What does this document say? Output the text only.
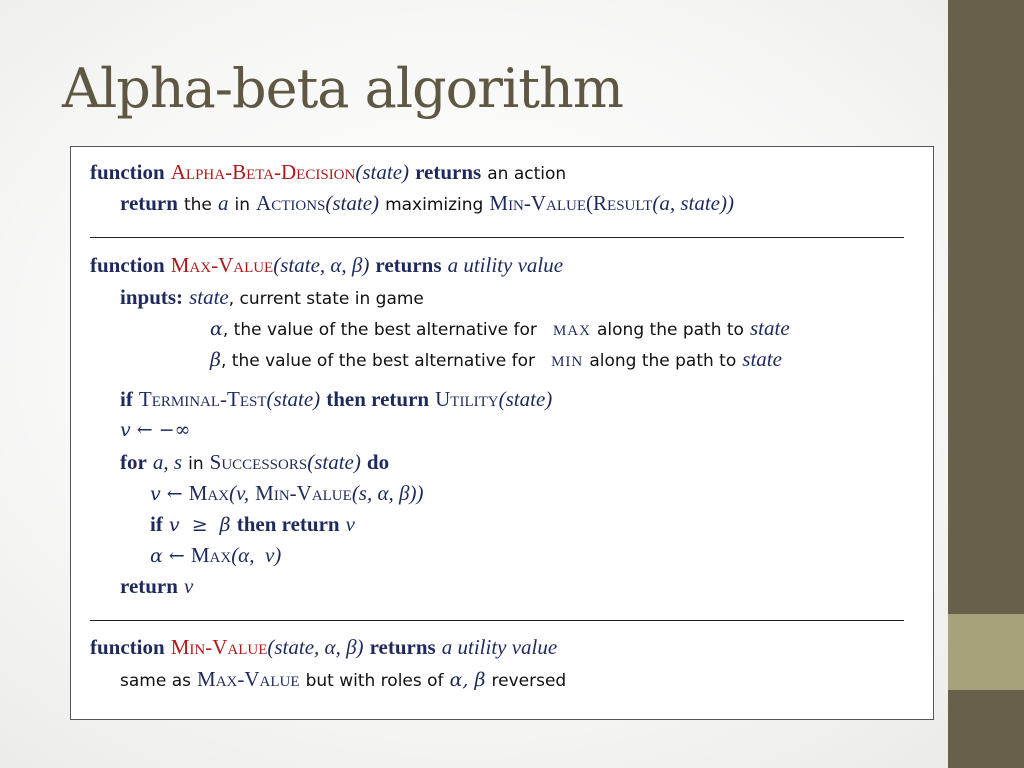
Alpha-beta algorithm
function Alpha-Beta-Decision(state) returns an action
return the a in Actions(state) maximizing Min-Value(Result(a, state))
function Max-Value(state, α, β) returns a utility value
inputs: state, current state in game
α, the value of the best alternative for MAX along the path to state
β, the value of the best alternative for MIN along the path to state
if Terminal-Test(state) then return Utility(state)
v ← −∞
for a, s in Successors(state) do
v ← Max(v, Min-Value(s, α, β))
if v  ≥  β then return v
α ← Max(α,  v)
return v
function Min-Value(state, α, β) returns a utility value
same as Max-Value but with roles of α, β reversed
